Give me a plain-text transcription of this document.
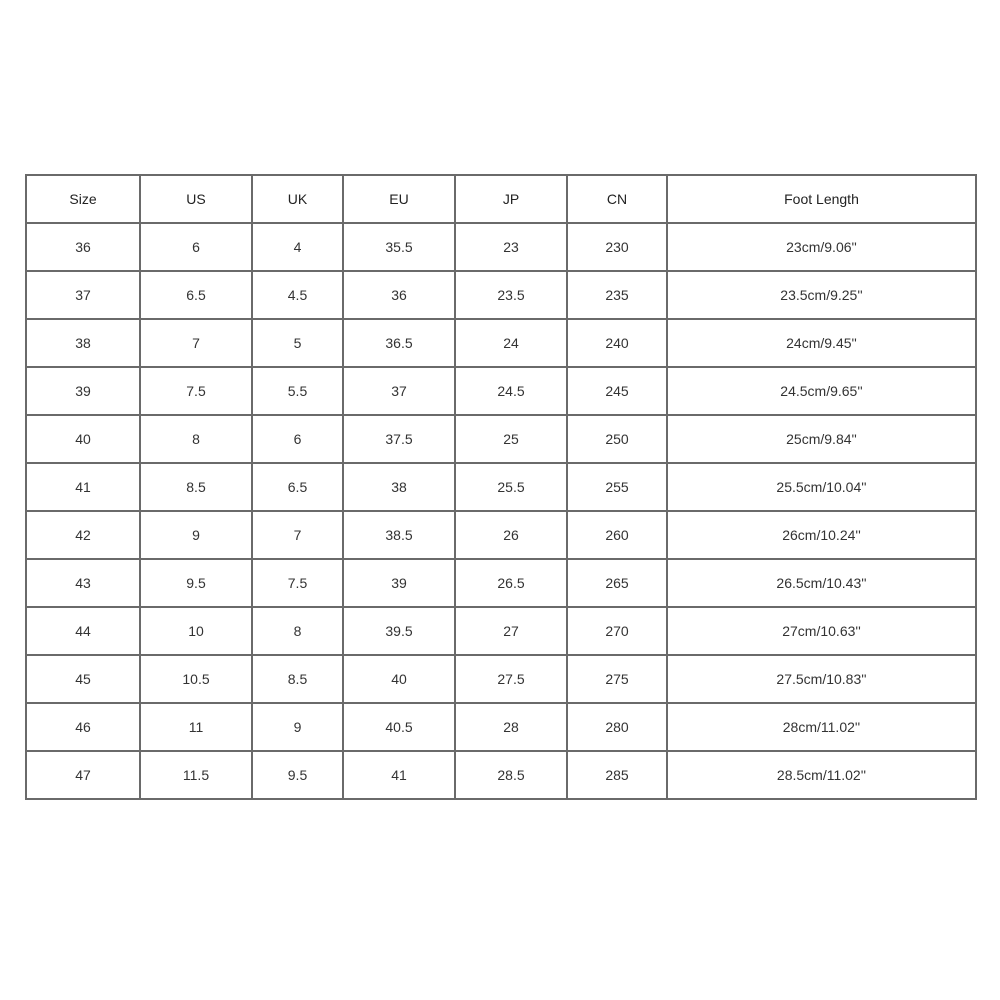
Size	US	UK	EU	JP	CN	Foot Length
36	6	4	35.5	23	230	23cm/9.06''
37	6.5	4.5	36	23.5	235	23.5cm/9.25''
38	7	5	36.5	24	240	24cm/9.45''
39	7.5	5.5	37	24.5	245	24.5cm/9.65''
40	8	6	37.5	25	250	25cm/9.84''
41	8.5	6.5	38	25.5	255	25.5cm/10.04''
42	9	7	38.5	26	260	26cm/10.24''
43	9.5	7.5	39	26.5	265	26.5cm/10.43''
44	10	8	39.5	27	270	27cm/10.63''
45	10.5	8.5	40	27.5	275	27.5cm/10.83''
46	11	9	40.5	28	280	28cm/11.02''
47	11.5	9.5	41	28.5	285	28.5cm/11.02''
